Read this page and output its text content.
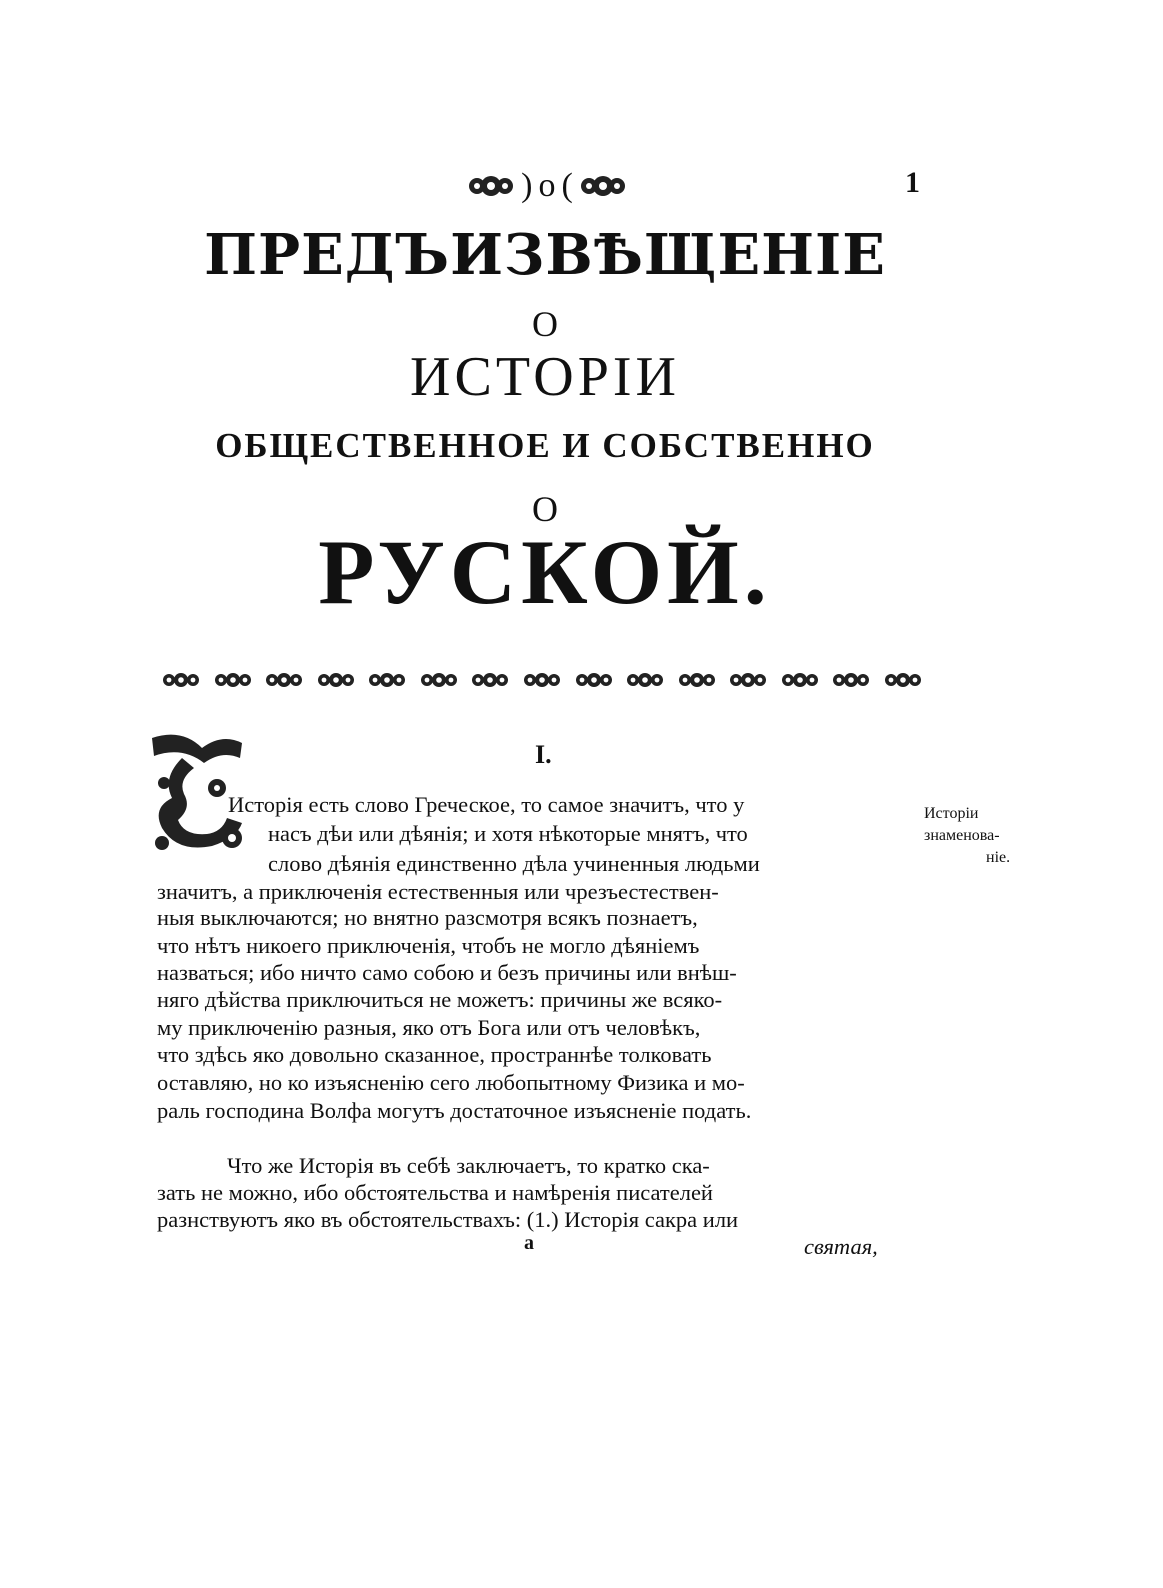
) o (	1
ПРЕДЪИЗВѢЩЕНІЕ
О
ИСТОРІИ
ОБЩЕСТВЕННОЕ И СОБСТВЕННО
О
РУСКОЙ.
I.
Исторія есть слово Греческое, то самое значитъ, что у
насъ дѣи или дѣянія; и хотя нѣкоторые мнятъ, что
слово дѣянія единственно дѣла учиненныя людьми
значитъ, а приключенія естественныя или чрезъестествен-
ныя выключаются; но внятно разсмотря всякъ познаетъ,
что нѣтъ никоего приключенія, чтобъ не могло дѣяніемъ
назваться; ибо ничто само собою и безъ причины или внѣш-
няго дѣйства приключиться не можетъ: причины же всяко-
му приключенію разныя, яко отъ Бога или отъ человѣкъ,
что здѣсь яко довольно сказанное, пространнѣе толковать
оставляю, но ко изъясненію сего любопытному Физика и мо-
раль господина Волфа могутъ достаточное изъясненіе подать.
Что же Исторія въ себѣ заключаетъ, то кратко ска-
зать не можно, ибо обстоятельства и намѣренія писателей
разнствуютъ яко въ обстоятельствахъ: (1.) Исторія сакра или
Исторіи
знаменова-
ніе.
а	святая,
